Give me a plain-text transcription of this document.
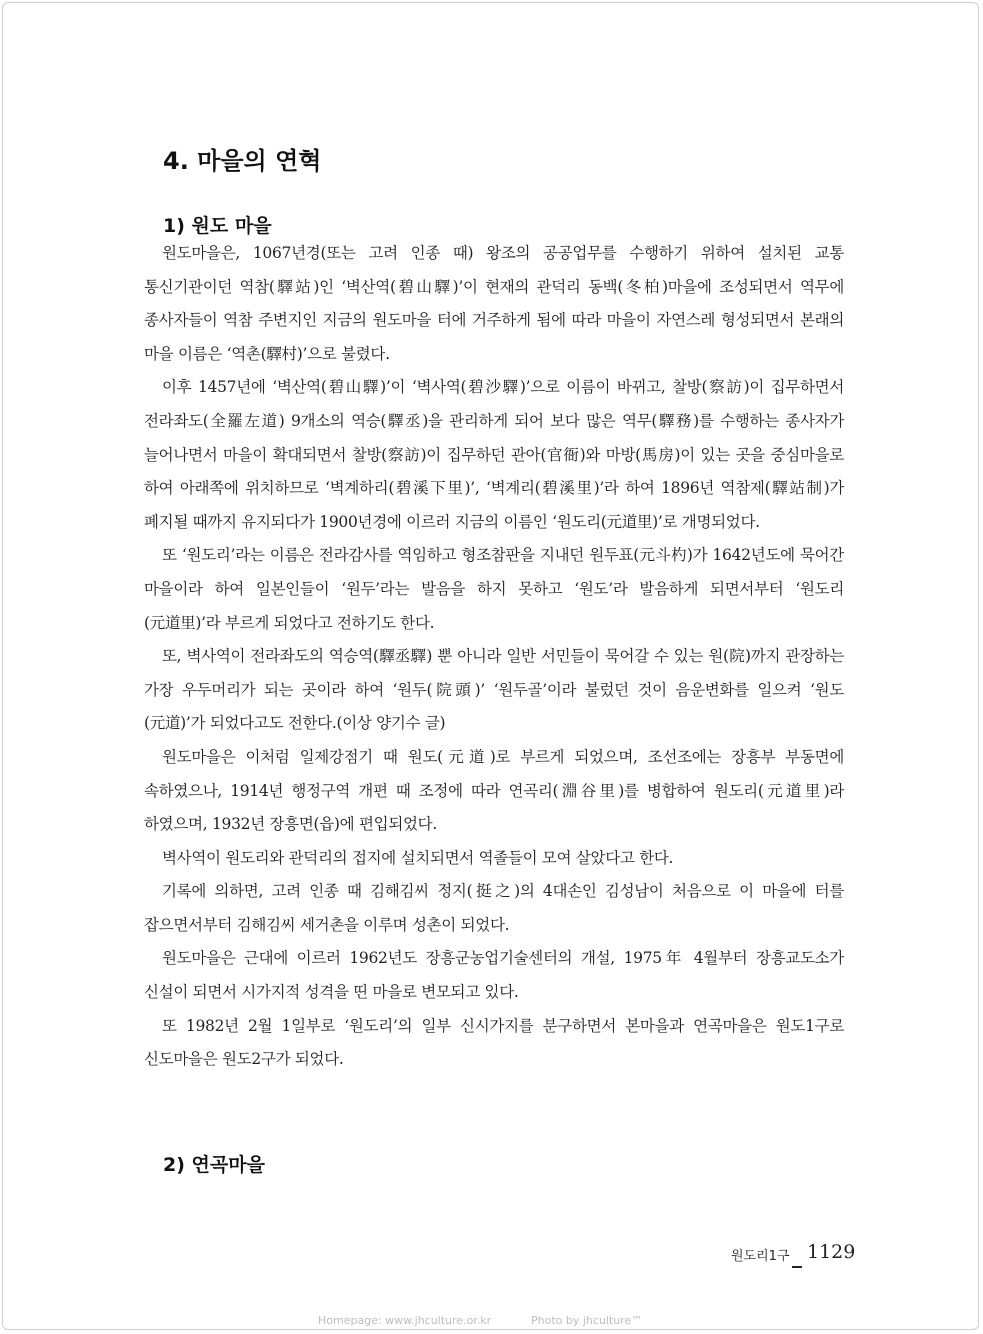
4. 마을의 연혁
1) 원도 마을

원도마을은, 1067년경(또는 고려 인종 때) 왕조의 공공업무를 수행하기 위하여 설치된 교통 통신기관이던 역참(驛站)인 ‘벽산역(碧山驛)’이 현재의 관덕리 동백(冬柏)마을에 조성되면서 역무에 종사자들이 역참 주변지인 지금의 원도마을 터에 거주하게 됨에 따라 마을이 자연스레 형성되면서 본래의 마을 이름은 ‘역촌(驛村)’으로 불렸다.

이후 1457년에 ‘벽산역(碧山驛)’이 ‘벽사역(碧沙驛)’으로 이름이 바뀌고, 찰방(察訪)이 집무하면서 전라좌도(全羅左道) 9개소의 역승(驛丞)을 관리하게 되어 보다 많은 역무(驛務)를 수행하는 종사자가 늘어나면서 마을이 확대되면서 찰방(察訪)이 집무하던 관아(官衙)와 마방(馬房)이 있는 곳을 중심마을로 하여 아래쪽에 위치하므로 ‘벽계하리(碧溪下里)’, ‘벽계리(碧溪里)’라 하여 1896년 역참제(驛站制)가 폐지될 때까지 유지되다가 1900년경에 이르러 지금의 이름인 ‘원도리(元道里)’로 개명되었다.

또 ‘원도리’라는 이름은 전라감사를 역임하고 형조참판을 지내던 원두표(元斗杓)가 1642년도에 묵어간 마을이라 하여 일본인들이 ‘원두’라는 발음을 하지 못하고 ‘원도’라 발음하게 되면서부터 ‘원도리(元道里)’라 부르게 되었다고 전하기도 한다.

또, 벽사역이 전라좌도의 역승역(驛丞驛) 뿐 아니라 일반 서민들이 묵어갈 수 있는 원(院)까지 관장하는 가장 우두머리가 되는 곳이라 하여 ‘원두(院頭)’ ‘원두골’이라 불렀던 것이 음운변화를 일으켜 ‘원도(元道)’가 되었다고도 전한다.(이상 양기수 글)

원도마을은 이처럼 일제강점기 때 원도(元道)로 부르게 되었으며, 조선조에는 장흥부 부동면에 속하였으나, 1914년 행정구역 개편 때 조정에 따라 연곡리(淵谷里)를 병합하여 원도리(元道里)라 하였으며, 1932년 장흥면(읍)에 편입되었다.

벽사역이 원도리와 관덕리의 접지에 설치되면서 역졸들이 모여 살았다고 한다.

기록에 의하면, 고려 인종 때 김해김씨 정지(挺之)의 4대손인 김성남이 처음으로 이 마을에 터를 잡으면서부터 김해김씨 세거촌을 이루며 성촌이 되었다.

원도마을은 근대에 이르러 1962년도 장흥군농업기술센터의 개설, 1975年 4월부터 장흥교도소가 신설이 되면서 시가지적 성격을 띤 마을로 변모되고 있다.

또 1982년 2월 1일부로 ‘원도리’의 일부 신시가지를 분구하면서 본마을과 연곡마을은 원도1구로 신도마을은 원도2구가 되었다.

2) 연곡마을
원도리1구 1129
Homepage: www.jhculture.or.kr	Photo by jhculture™
